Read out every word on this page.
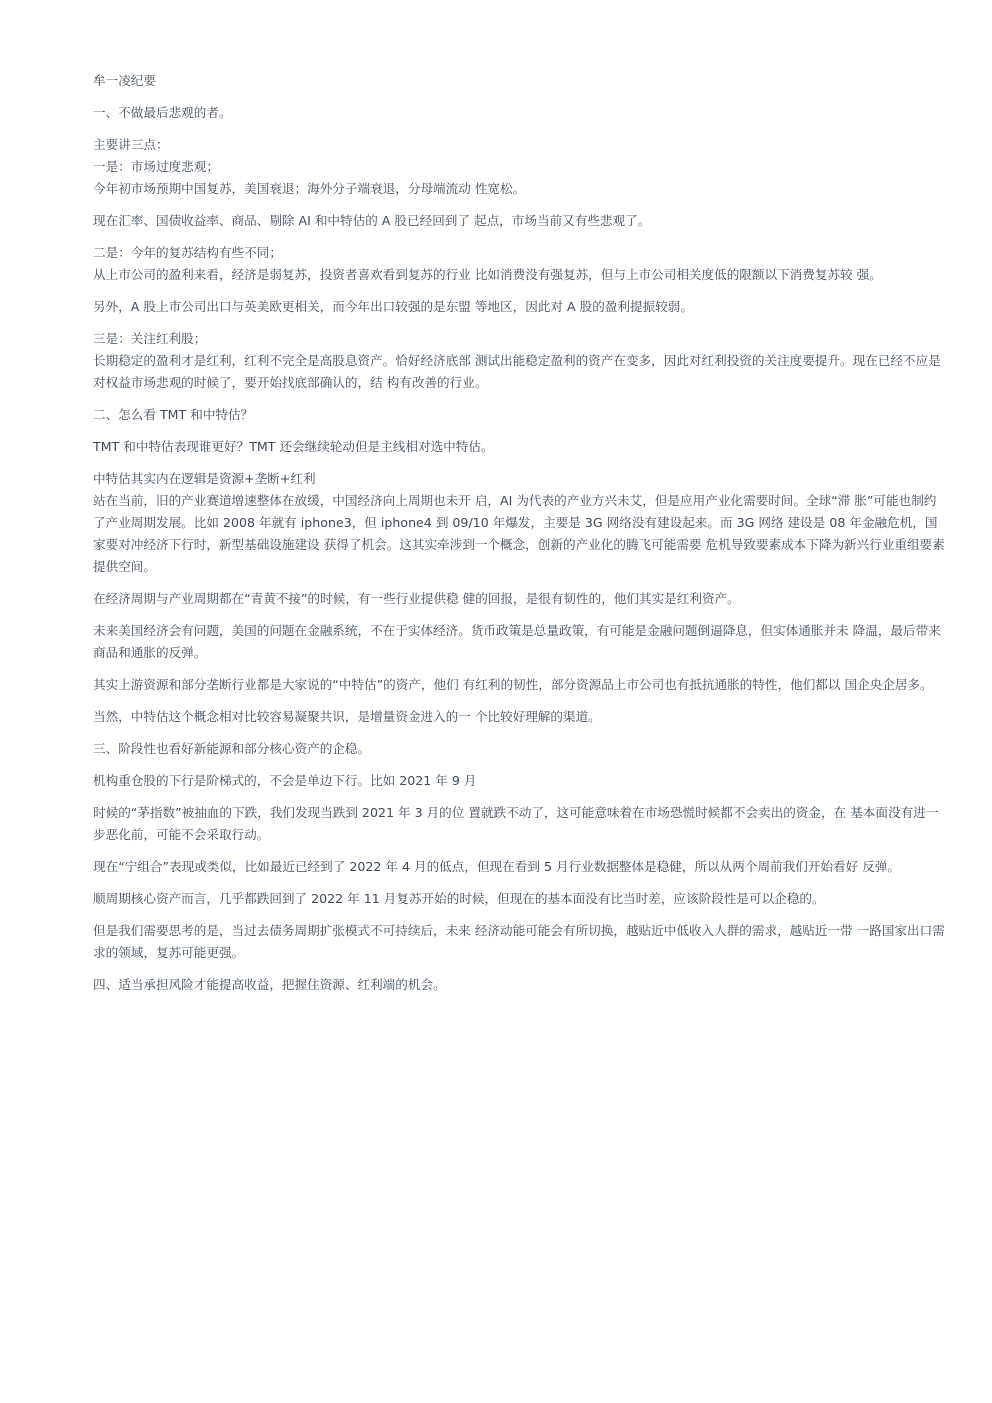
牟一凌纪要

一、不做最后悲观的者。

主要讲三点：

一是：市场过度悲观；

今年初市场预期中国复苏，美国衰退；海外分子端衰退，分母端流动 性宽松。

现在汇率、国债收益率、商品、剔除 AI 和中特估的 A 股已经回到了 起点，市场当前又有些悲观了。

二是：今年的复苏结构有些不同；

从上市公司的盈利来看，经济是弱复苏，投资者喜欢看到复苏的行业 比如消费没有强复苏，但与上市公司相关度低的限额以下消费复苏较 强。

另外，A 股上市公司出口与英美欧更相关，而今年出口较强的是东盟 等地区，因此对 A 股的盈利提振较弱。

三是：关注红利股；

长期稳定的盈利才是红利，红利不完全是高股息资产。恰好经济底部 测试出能稳定盈利的资产在变多，因此对红利投资的关注度要提升。现在已经不应是对权益市场悲观的时候了，要开始找底部确认的，结 构有改善的行业。

二、怎么看 TMT 和中特估？

TMT 和中特估表现谁更好？TMT 还会继续轮动但是主线相对选中特估。

中特估其实内在逻辑是资源+垄断+红利

站在当前，旧的产业赛道增速整体在放缓，中国经济向上周期也未开 启，AI 为代表的产业方兴未艾，但是应用产业化需要时间。全球“滞 胀”可能也制约了产业周期发展。比如 2008 年就有 iphone3，但 iphone4 到 09/10 年爆发，主要是 3G 网络没有建设起来。而 3G 网络 建设是 08 年金融危机，国家要对冲经济下行时，新型基础设施建设 获得了机会。这其实牵涉到一个概念，创新的产业化的腾飞可能需要 危机导致要素成本下降为新兴行业重组要素提供空间。

在经济周期与产业周期都在“青黄不接”的时候，有一些行业提供稳 健的回报，是很有韧性的，他们其实是红利资产。

未来美国经济会有问题，美国的问题在金融系统，不在于实体经济。货币政策是总量政策，有可能是金融问题倒逼降息，但实体通胀并未 降温，最后带来商品和通胀的反弹。

其实上游资源和部分垄断行业都是大家说的“中特估”的资产，他们 有红利的韧性，部分资源品上市公司也有抵抗通胀的特性，他们都以 国企央企居多。

当然，中特估这个概念相对比较容易凝聚共识，是增量资金进入的一 个比较好理解的渠道。

三、阶段性也看好新能源和部分核心资产的企稳。

机构重仓股的下行是阶梯式的，不会是单边下行。比如 2021 年 9 月

时候的“茅指数”被抽血的下跌，我们发现当跌到 2021 年 3 月的位 置就跌不动了，这可能意味着在市场恐慌时候都不会卖出的资金，在 基本面没有进一步恶化前，可能不会采取行动。

现在“宁组合”表现或类似，比如最近已经到了 2022 年 4 月的低点，但现在看到 5 月行业数据整体是稳健，所以从两个周前我们开始看好 反弹。

顺周期核心资产而言，几乎都跌回到了 2022 年 11 月复苏开始的时候，但现在的基本面没有比当时差，应该阶段性是可以企稳的。

但是我们需要思考的是，当过去债务周期扩张模式不可持续后，未来 经济动能可能会有所切换，越贴近中低收入人群的需求，越贴近一带 一路国家出口需求的领域，复苏可能更强。

四、适当承担风险才能提高收益，把握住资源、红利端的机会。
